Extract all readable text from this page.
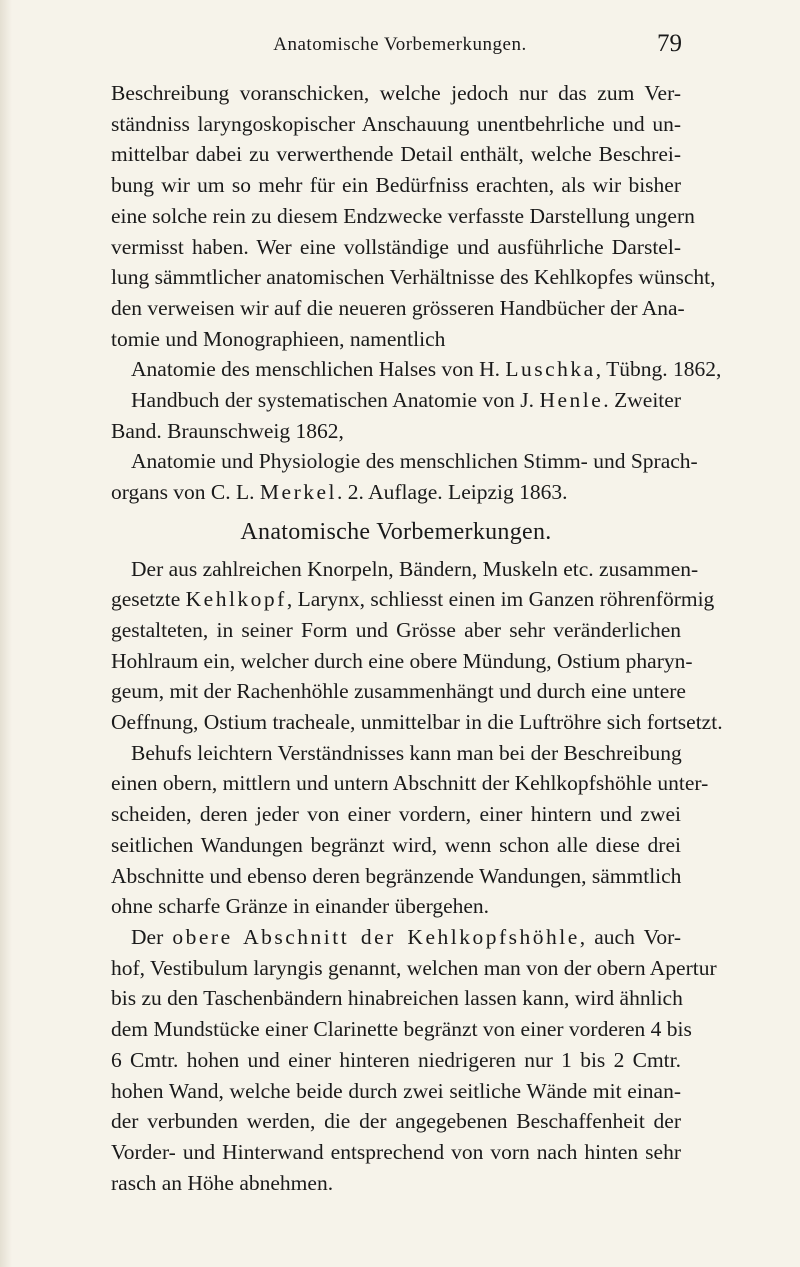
Anatomische Vorbemerkungen.	79
Beschreibung voranschicken, welche jedoch nur das zum Ver-
ständniss laryngoskopischer Anschauung unentbehrliche und un-
mittelbar dabei zu verwerthende Detail enthält, welche Beschrei-
bung wir um so mehr für ein Bedürfniss erachten, als wir bisher
eine solche rein zu diesem Endzwecke verfasste Darstellung ungern
vermisst haben. Wer eine vollständige und ausführliche Darstel-
lung sämmtlicher anatomischen Verhältnisse des Kehlkopfes wünscht,
den verweisen wir auf die neueren grösseren Handbücher der Ana-
tomie und Monographieen, namentlich
Anatomie des menschlichen Halses von H. Luschka, Tübng. 1862,
Handbuch der systematischen Anatomie von J. Henle. Zweiter
Band. Braunschweig 1862,
Anatomie und Physiologie des menschlichen Stimm- und Sprach-
organs von C. L. Merkel. 2. Auflage. Leipzig 1863.
Anatomische Vorbemerkungen.
Der aus zahlreichen Knorpeln, Bändern, Muskeln etc. zusammen-
gesetzte Kehlkopf, Larynx, schliesst einen im Ganzen röhrenförmig
gestalteten, in seiner Form und Grösse aber sehr veränderlichen
Hohlraum ein, welcher durch eine obere Mündung, Ostium pharyn-
geum, mit der Rachenhöhle zusammenhängt und durch eine untere
Oeffnung, Ostium tracheale, unmittelbar in die Luftröhre sich fortsetzt.
Behufs leichtern Verständnisses kann man bei der Beschreibung
einen obern, mittlern und untern Abschnitt der Kehlkopfshöhle unter-
scheiden, deren jeder von einer vordern, einer hintern und zwei
seitlichen Wandungen begränzt wird, wenn schon alle diese drei
Abschnitte und ebenso deren begränzende Wandungen, sämmtlich
ohne scharfe Gränze in einander übergehen.
Der obere Abschnitt der Kehlkopfshöhle, auch Vor-
hof, Vestibulum laryngis genannt, welchen man von der obern Apertur
bis zu den Taschenbändern hinabreichen lassen kann, wird ähnlich
dem Mundstücke einer Clarinette begränzt von einer vorderen 4 bis
6 Cmtr. hohen und einer hinteren niedrigeren nur 1 bis 2 Cmtr.
hohen Wand, welche beide durch zwei seitliche Wände mit einan-
der verbunden werden, die der angegebenen Beschaffenheit der
Vorder- und Hinterwand entsprechend von vorn nach hinten sehr
rasch an Höhe abnehmen.
